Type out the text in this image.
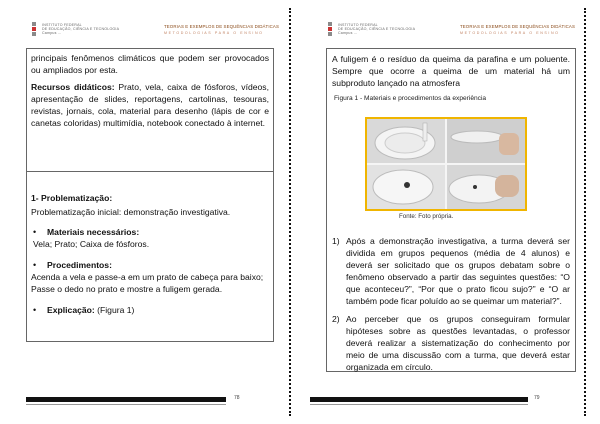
INSTITUTO FEDERAL
DE EDUCAÇÃO, CIÊNCIA E TECNOLOGIA
Campus ...
TEORIAS E EXEMPLOS DE SEQUÊNCIAS DIDÁTICAS
METODOLOGIAS PARA O ENSINO
principais fenômenos climáticos que podem ser provocados ou ampliados por esta.
Recursos didáticos: Prato, vela, caixa de fósforos, vídeos, apresentação de slides, reportagens, cartolinas, tesouras, revistas, jornais, cola, material para desenho (lápis de cor e canetas coloridas) multimídia, notebook conectado à internet.
1- Problematização:
Problematização inicial: demonstração investigativa.
•	Materiais necessários:
Vela; Prato; Caixa de fósforos.
•	Procedimentos:
Acenda a vela e passe-a em um prato de cabeça para baixo;
Passe o dedo no prato e mostre a fuligem gerada.
•	Explicação: (Figura 1)
78
INSTITUTO FEDERAL
DE EDUCAÇÃO, CIÊNCIA E TECNOLOGIA
Campus ...
TEORIAS E EXEMPLOS DE SEQUÊNCIAS DIDÁTICAS
METODOLOGIAS PARA O ENSINO
A fuligem é o resíduo da queima da parafina e um poluente. Sempre que ocorre a queima de um material há um subproduto lançado na atmosfera
Figura 1 - Materiais e procedimentos da experiência
Fonte: Foto própria.
1) Após a demonstração investigativa, a turma deverá ser dividida em grupos pequenos (média de 4 alunos) e deverá ser solicitado que os grupos debatam sobre o fenômeno observado a partir das seguintes questões: “O que aconteceu?”, “Por que o prato ficou sujo?” e “O ar também pode ficar poluído ao se queimar um material?”.
2) Ao perceber que os grupos conseguiram formular hipóteses sobre as questões levantadas, o professor deverá realizar a sistematização do conhecimento por meio de uma discussão com a turma, que deverá estar organizada em círculo.
79
